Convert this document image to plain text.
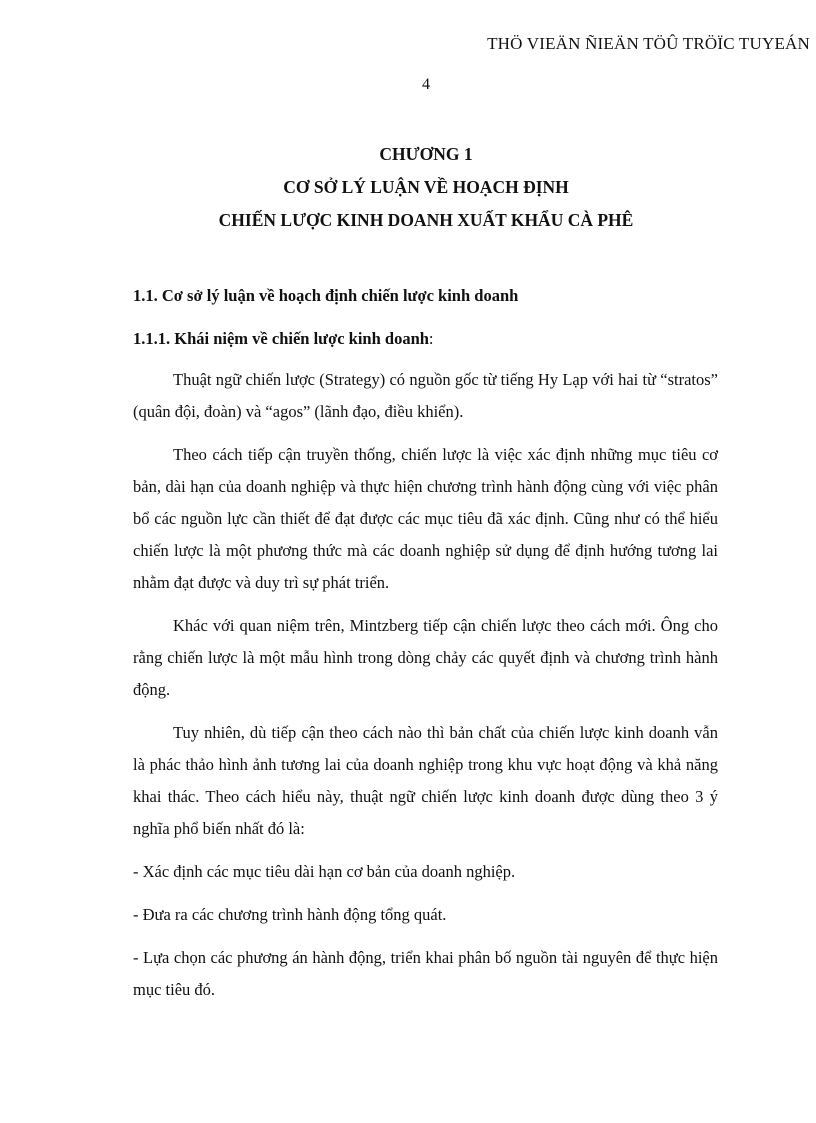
THÖ VIEÄN ÑIEÄN TÖÛ TRÖÏC TUYEÁN
4
CHƯƠNG 1
CƠ SỞ LÝ LUẬN VỀ HOẠCH ĐỊNH
CHIẾN LƯỢC KINH DOANH XUẤT KHẨU CÀ PHÊ
1.1. Cơ sở lý luận về hoạch định chiến lược kinh doanh
1.1.1. Khái niệm về chiến lược kinh doanh:

Thuật ngữ chiến lược (Strategy) có nguồn gốc từ tiếng Hy Lạp với hai từ “stratos” (quân đội, đoàn) và “agos” (lãnh đạo, điều khiển).

Theo cách tiếp cận truyền thống, chiến lược là việc xác định những mục tiêu cơ bản, dài hạn của doanh nghiệp và thực hiện chương trình hành động cùng với việc phân bổ các nguồn lực cần thiết để đạt được các mục tiêu đã xác định. Cũng như có thể hiểu chiến lược là một phương thức mà các doanh nghiệp sử dụng để định hướng tương lai nhằm đạt được và duy trì sự phát triển.

Khác với quan niệm trên, Mintzberg tiếp cận chiến lược theo cách mới. Ông cho rằng chiến lược là một mẫu hình trong dòng chảy các quyết định và chương trình hành động.

Tuy nhiên, dù tiếp cận theo cách nào thì bản chất của chiến lược kinh doanh vẫn là phác thảo hình ảnh tương lai của doanh nghiệp trong khu vực hoạt động và khả năng khai thác. Theo cách hiểu này, thuật ngữ chiến lược kinh doanh được dùng theo 3 ý nghĩa phổ biến nhất đó là:

- Xác định các mục tiêu dài hạn cơ bản của doanh nghiệp.

- Đưa ra các chương trình hành động tổng quát.

- Lựa chọn các phương án hành động, triển khai phân bố nguồn tài nguyên để thực hiện mục tiêu đó.
